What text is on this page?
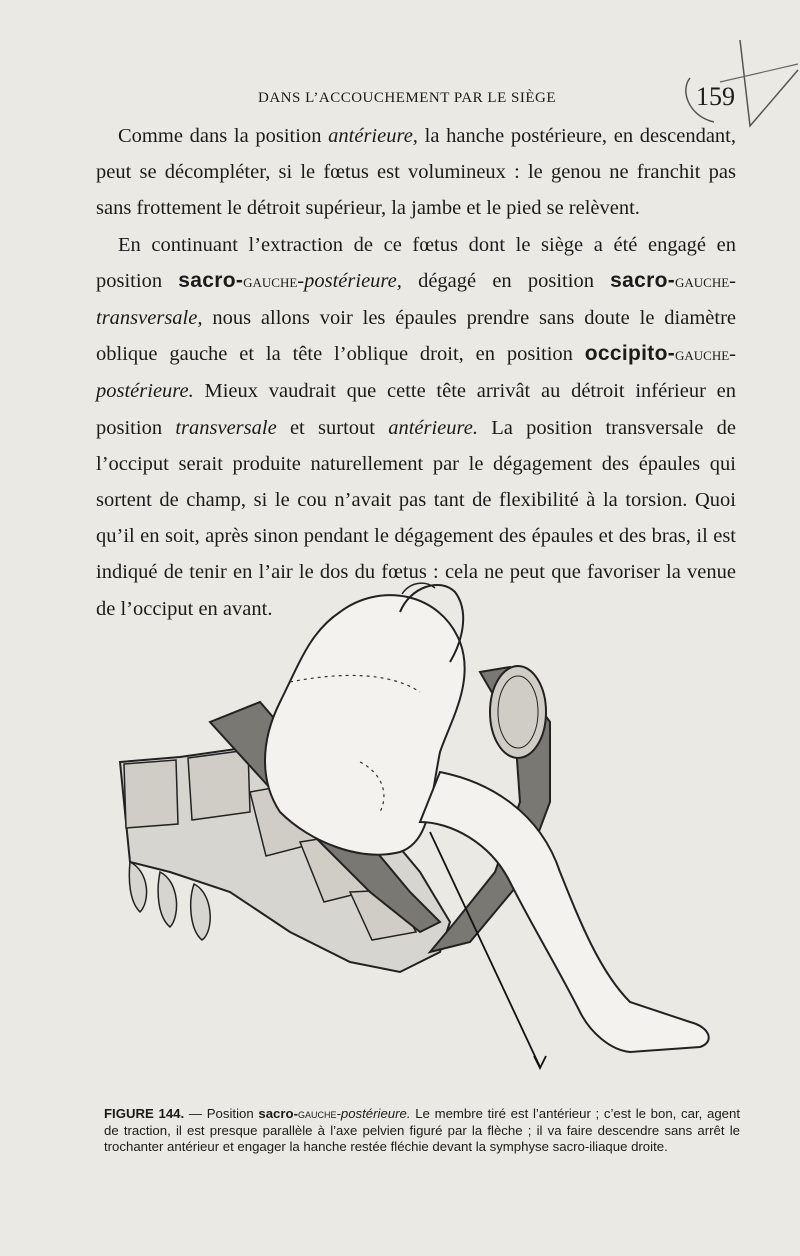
DANS L’ACCOUCHEMENT PAR LE SIÈGE	159

Comme dans la position antérieure, la hanche postérieure, en descendant, peut se décompléter, si le fœtus est volumineux : le genou ne franchit pas sans frottement le détroit supérieur, la jambe et le pied se relèvent.

En continuant l’extraction de ce fœtus dont le siège a été engagé en position sacro-gauche-postérieure, dégagé en position sacro-gauche-transversale, nous allons voir les épaules prendre sans doute le diamètre oblique gauche et la tête l’oblique droit, en position occipito-gauche-postérieure. Mieux vaudrait que cette tête arrivât au détroit inférieur en position transversale et surtout antérieure. La position transversale de l’occiput serait produite naturellement par le dégagement des épaules qui sortent de champ, si le cou n’avait pas tant de flexibilité à la torsion. Quoi qu’il en soit, après sinon pendant le dégagement des épaules et des bras, il est indiqué de tenir en l’air le dos du fœtus : cela ne peut que favoriser la venue de l’occiput en avant.

FIGURE 144. — Position sacro-gauche-postérieure. Le membre tiré est l’antérieur ; c’est le bon, car, agent de traction, il est presque parallèle à l’axe pelvien figuré par la flèche ; il va faire descendre sans arrêt le trochanter antérieur et engager la hanche restée fléchie devant la symphyse sacro-iliaque droite.
